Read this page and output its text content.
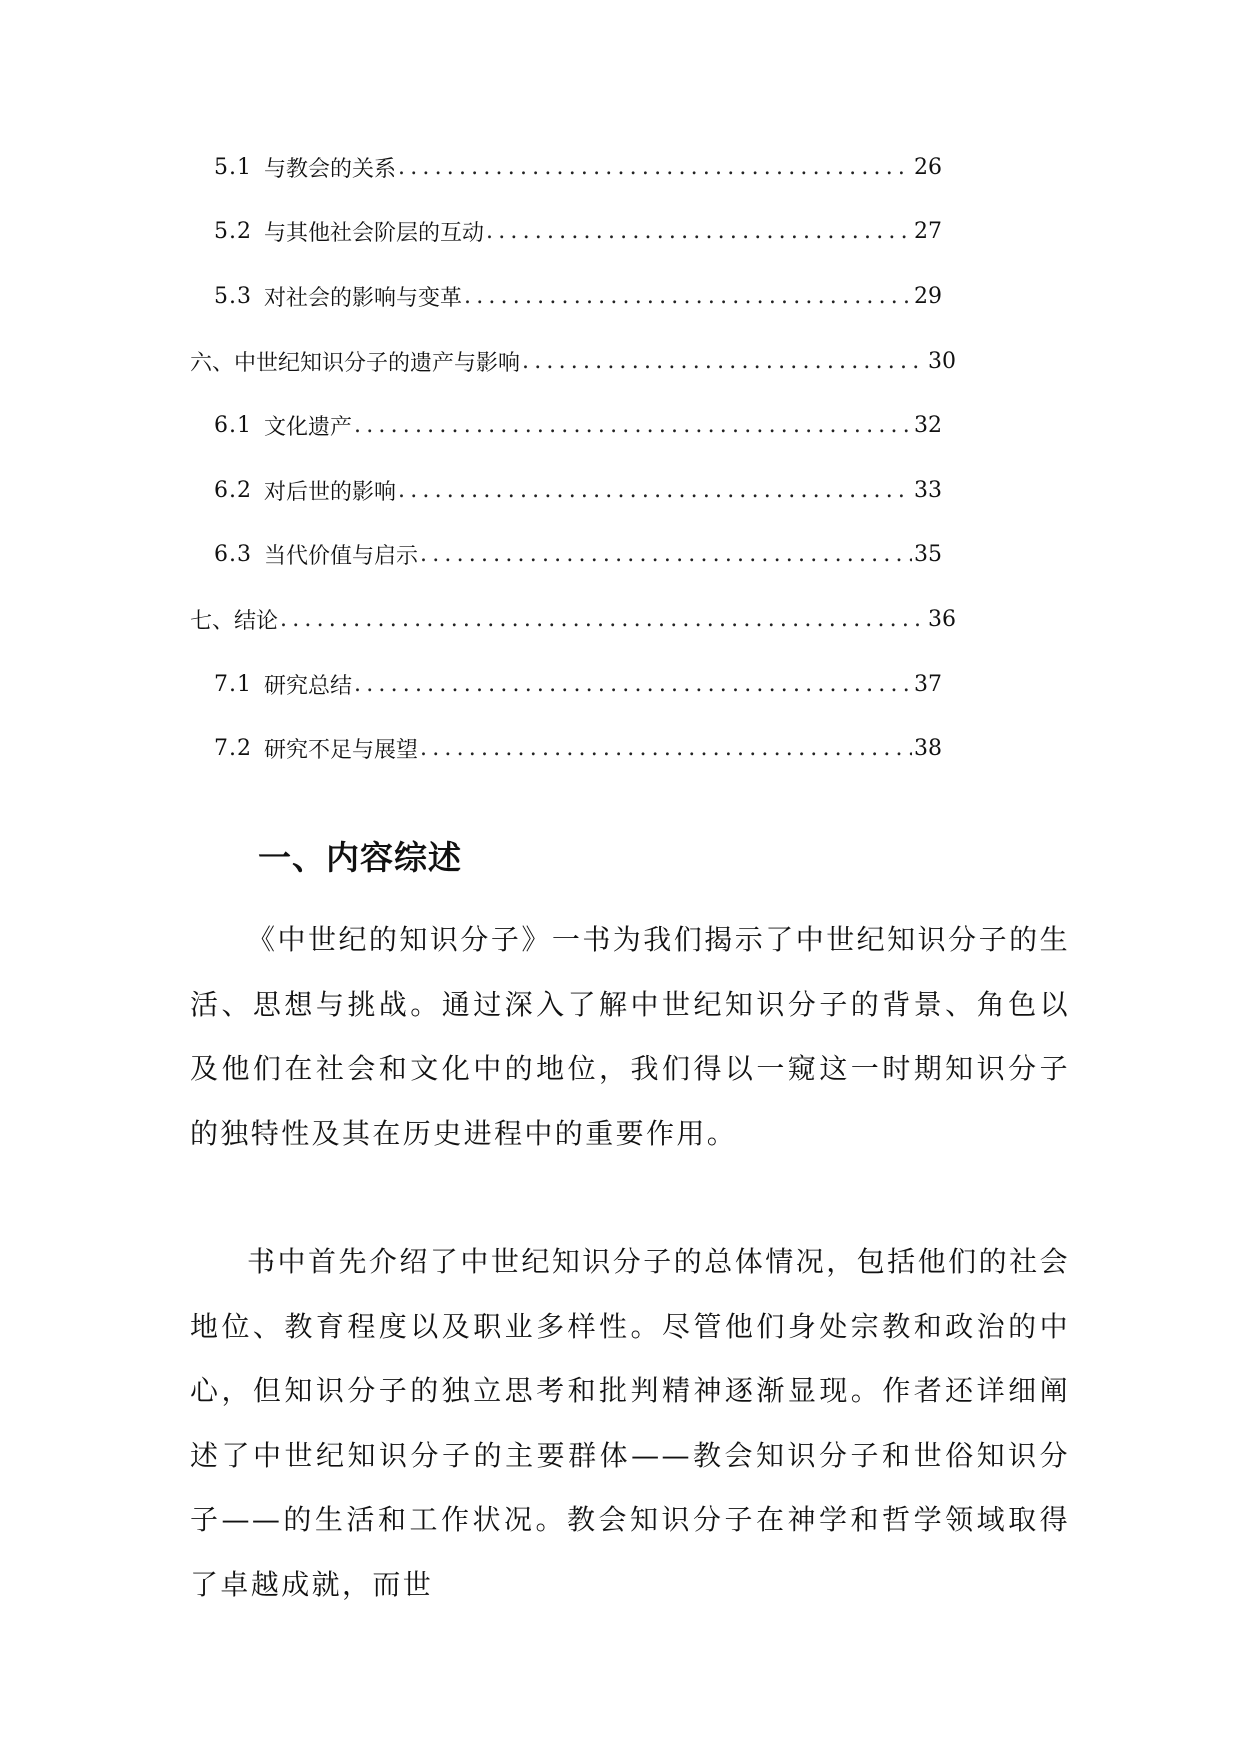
5.1 与教会的关系 .....	26
5.2 与其他社会阶层的互动 .....	27
5.3 对社会的影响与变革 .....	29
六、中世纪知识分子的遗产与影响 .....	30
6.1 文化遗产 .....	32
6.2 对后世的影响 .....	33
6.3 当代价值与启示 .....	35
七、结论 .....	36
7.1 研究总结 .....	37
7.2 研究不足与展望 .....	38
一、内容综述

《中世纪的知识分子》一书为我们揭示了中世纪知识分子的生活、思想与挑战。通过深入了解中世纪知识分子的背景、角色以及他们在社会和文化中的地位，我们得以一窥这一时期知识分子的独特性及其在历史进程中的重要作用。

书中首先介绍了中世纪知识分子的总体情况，包括他们的社会地位、教育程度以及职业多样性。尽管他们身处宗教和政治的中心，但知识分子的独立思考和批判精神逐渐显现。作者还详细阐述了中世纪知识分子的主要群体——教会知识分子和世俗知识分子——的生活和工作状况。教会知识分子在神学和哲学领域取得了卓越成就，而世
